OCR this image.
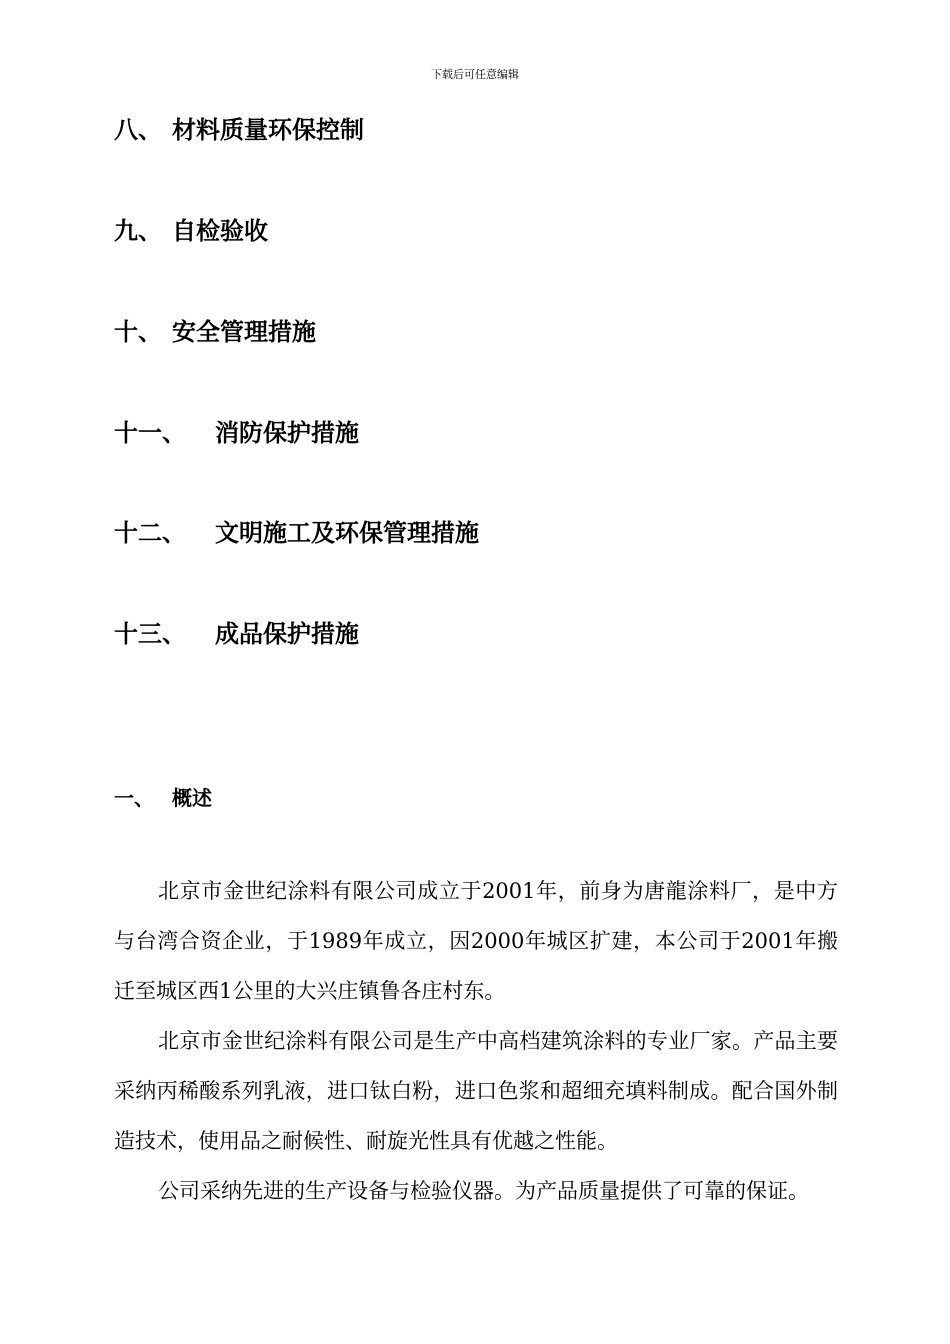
下载后可任意编辑
八、 材料质量环保控制
九、 自检验收
十、 安全管理措施
十一、 消防保护措施
十二、 文明施工及环保管理措施
十三、 成品保护措施
一、 概述

北京市金世纪涂料有限公司成立于2001年，前身为唐龍涂料厂，是中方与台湾合资企业，于1989年成立，因2000年城区扩建，本公司于2001年搬迁至城区西1公里的大兴庄镇鲁各庄村东。

北京市金世纪涂料有限公司是生产中高档建筑涂料的专业厂家。产品主要采纳丙稀酸系列乳液，进口钛白粉，进口色浆和超细充填料制成。配合国外制造技术，使用品之耐候性、耐旋光性具有优越之性能。

公司采纳先进的生产设备与检验仪器。为产品质量提供了可靠的保证。
